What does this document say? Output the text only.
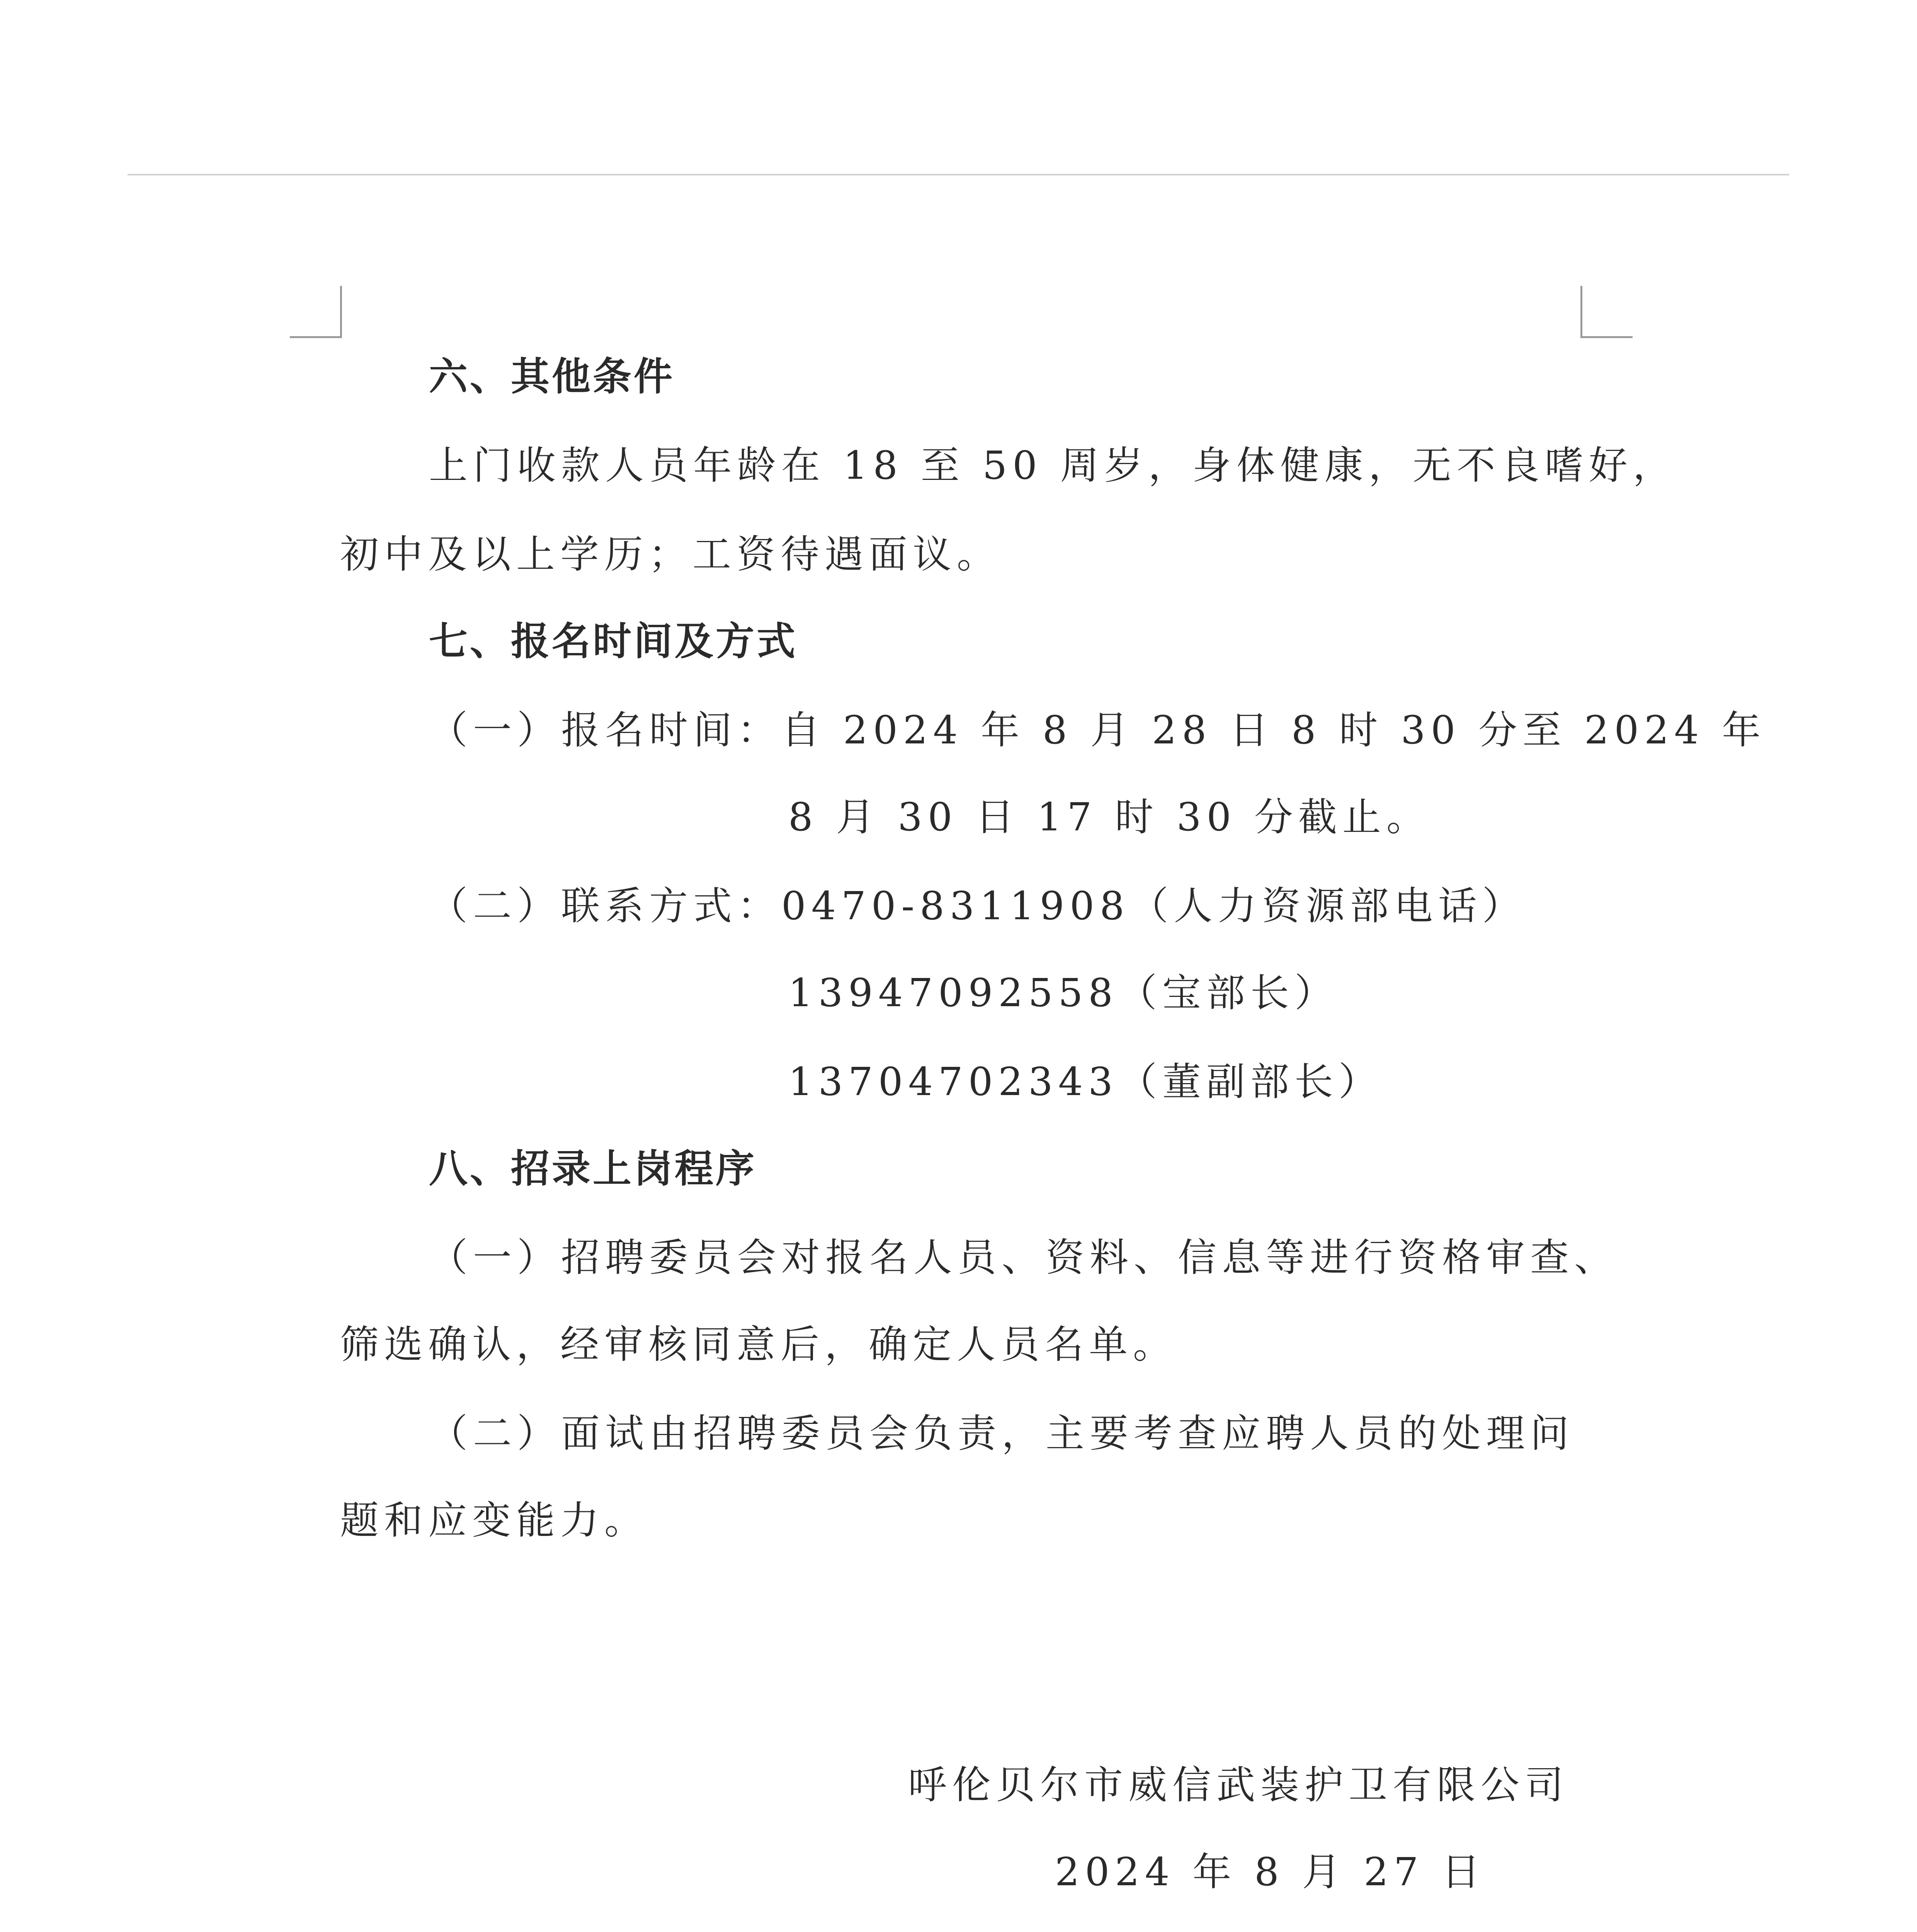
六、其他条件
上门收款人员年龄在 18 至 50 周岁，身体健康，无不良嗜好，
初中及以上学历；工资待遇面议。
七、报名时间及方式
（一）报名时间：自 2024 年 8 月 28 日 8 时 30 分至 2024 年
8 月 30 日 17 时 30 分截止。
（二）联系方式：0470-8311908（人力资源部电话）
13947092558（宝部长）
13704702343（董副部长）
八、招录上岗程序
（一）招聘委员会对报名人员、资料、信息等进行资格审查、
筛选确认，经审核同意后，确定人员名单。
（二）面试由招聘委员会负责，主要考查应聘人员的处理问
题和应变能力。
呼伦贝尔市威信武装护卫有限公司
2024 年 8 月 27 日
